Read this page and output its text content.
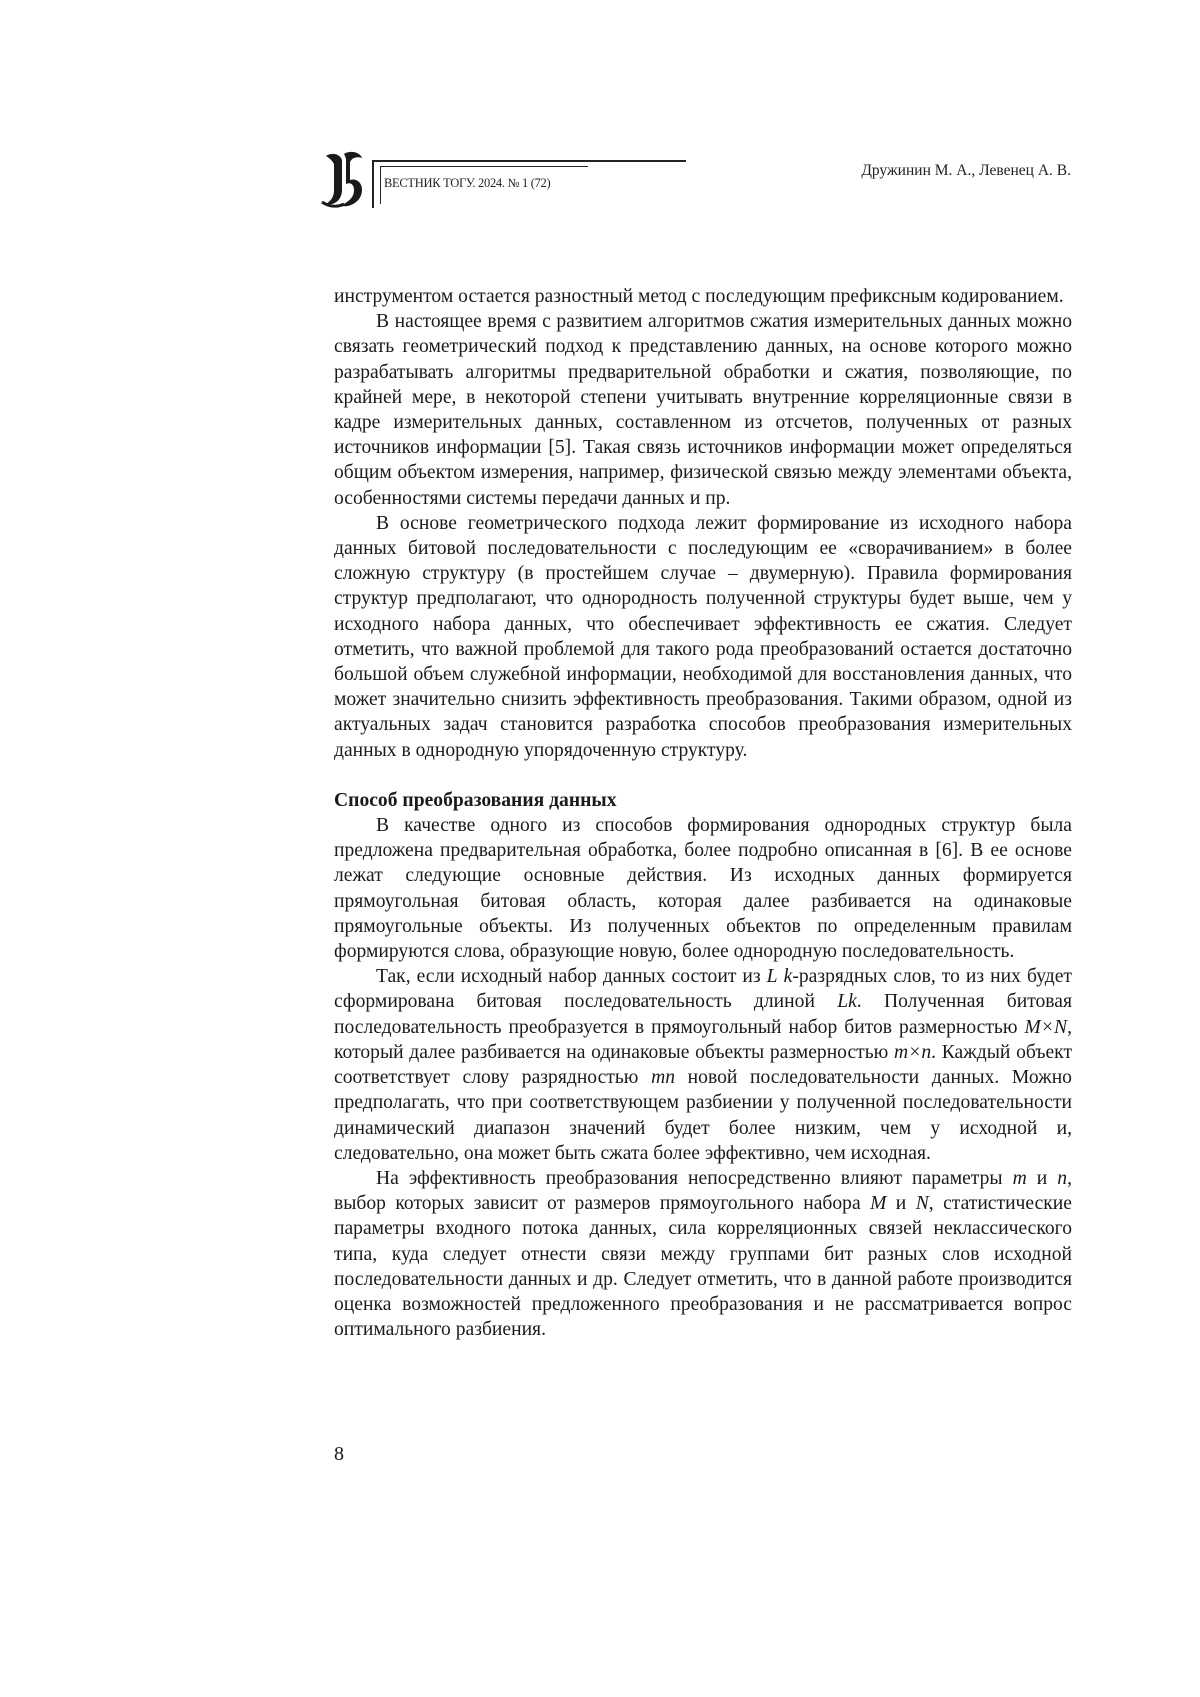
ВЕСТНИК ТОГУ. 2024. № 1 (72)
Дружинин М. А., Левенец А. В.

инструментом остается разностный метод с последующим префиксным кодированием.

В настоящее время с развитием алгоритмов сжатия измерительных данных можно связать геометрический подход к представлению данных, на основе которого можно разрабатывать алгоритмы предварительной обработки и сжатия, позволяющие, по крайней мере, в некоторой степени учитывать внутренние корреляционные связи в кадре измерительных данных, составленном из отсчетов, полученных от разных источников информации [5]. Такая связь источников информации может определяться общим объектом измерения, например, физической связью между элементами объекта, особенностями системы передачи данных и пр.

В основе геометрического подхода лежит формирование из исходного набора данных битовой последовательности с последующим ее «сворачиванием» в более сложную структуру (в простейшем случае – двумерную). Правила формирования структур предполагают, что однородность полученной структуры будет выше, чем у исходного набора данных, что обеспечивает эффективность ее сжатия. Следует отметить, что важной проблемой для такого рода преобразований остается достаточно большой объем служебной информации, необходимой для восстановления данных, что может значительно снизить эффективность преобразования. Такими образом, одной из актуальных задач становится разработка способов преобразования измерительных данных в однородную упорядоченную структуру.

Способ преобразования данных

В качестве одного из способов формирования однородных структур была предложена предварительная обработка, более подробно описанная в [6]. В ее основе лежат следующие основные действия. Из исходных данных формируется прямоугольная битовая область, которая далее разбивается на одинаковые прямоугольные объекты. Из полученных объектов по определенным правилам формируются слова, образующие новую, более однородную последовательность.

Так, если исходный набор данных состоит из L k-разрядных слов, то из них будет сформирована битовая последовательность длиной Lk. Полученная битовая последовательность преобразуется в прямоугольный набор битов размерностью M×N, который далее разбивается на одинаковые объекты размерностью m×n. Каждый объект соответствует слову разрядностью mn новой последовательности данных. Можно предполагать, что при соответствующем разбиении у полученной последовательности динамический диапазон значений будет более низким, чем у исходной и, следовательно, она может быть сжата более эффективно, чем исходная.

На эффективность преобразования непосредственно влияют параметры m и n, выбор которых зависит от размеров прямоугольного набора M и N, статистические параметры входного потока данных, сила корреляционных связей неклассического типа, куда следует отнести связи между группами бит разных слов исходной последовательности данных и др. Следует отметить, что в данной работе производится оценка возможностей предложенного преобразования и не рассматривается вопрос оптимального разбиения.

8
